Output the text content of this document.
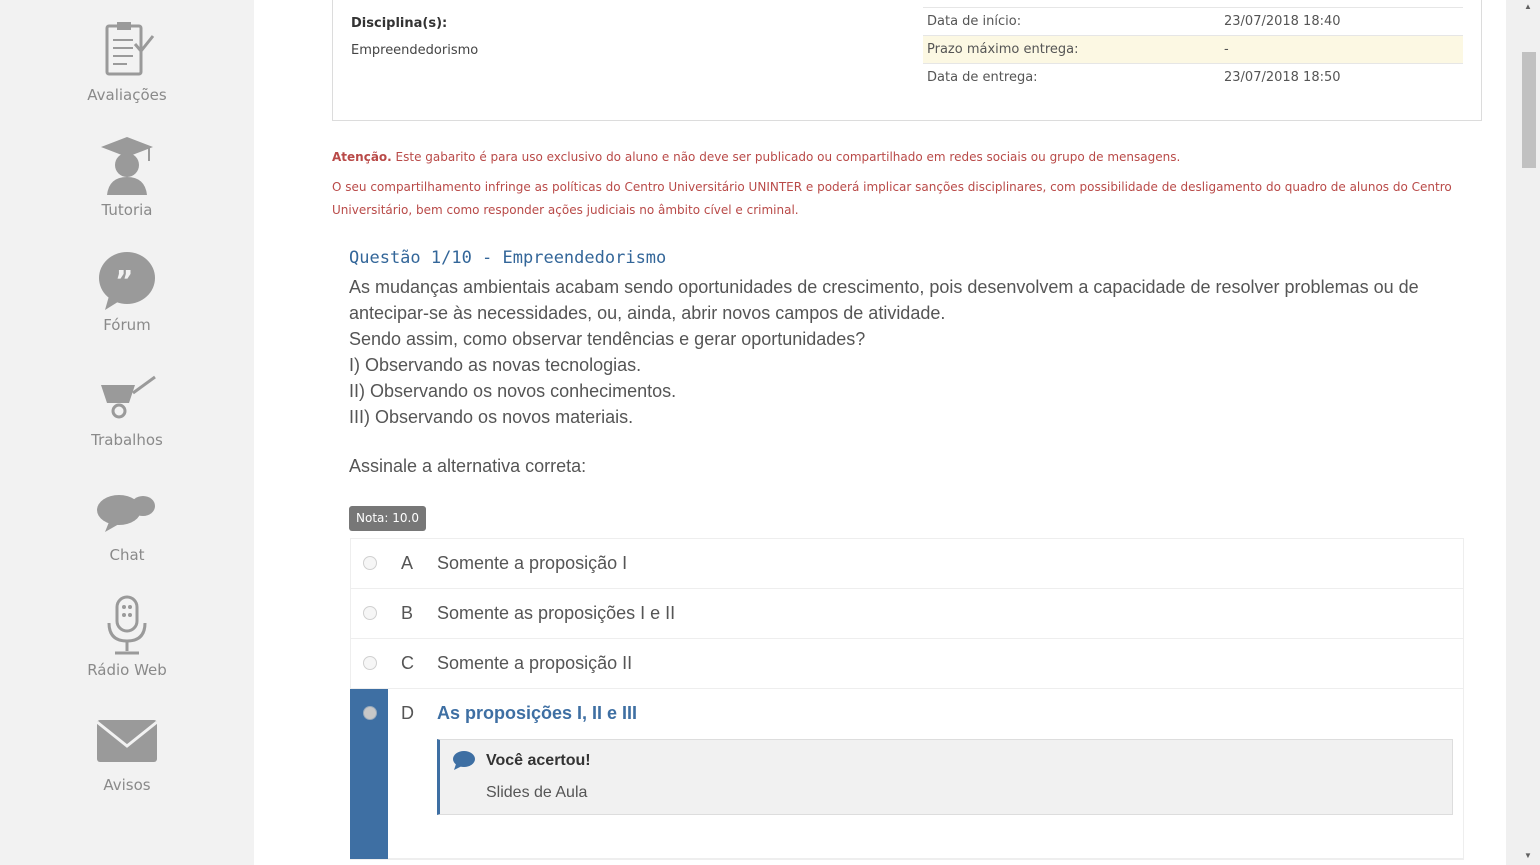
Avaliações
Tutoria
”
Fórum
Trabalhos
Chat
Rádio Web
Avisos
Disciplina(s):
Empreendedorismo
Data de início:	23/07/2018 18:40
Prazo máximo entrega:	-
Data de entrega:	23/07/2018 18:50
Atenção. Este gabarito é para uso exclusivo do aluno e não deve ser publicado ou compartilhado em redes sociais ou grupo de mensagens.
O seu compartilhamento infringe as políticas do Centro Universitário UNINTER e poderá implicar sanções disciplinares, com possibilidade de desligamento do quadro de alunos do Centro Universitário, bem como responder ações judiciais no âmbito cível e criminal.
Questão 1/10 - Empreendedorismo
As mudanças ambientais acabam sendo oportunidades de crescimento, pois desenvolvem a capacidade de resolver problemas ou de antecipar-se às necessidades, ou, ainda, abrir novos campos de atividade.
Sendo assim, como observar tendências e gerar oportunidades?
I) Observando as novas tecnologias.
II) Observando os novos conhecimentos.
III) Observando os novos materiais.
Assinale a alternativa correta:
Nota: 10.0
A Somente a proposição I
B Somente as proposições I e II
C Somente a proposição II
D As proposições I, II e III
Você acertou!
Slides de Aula
▲
▼
